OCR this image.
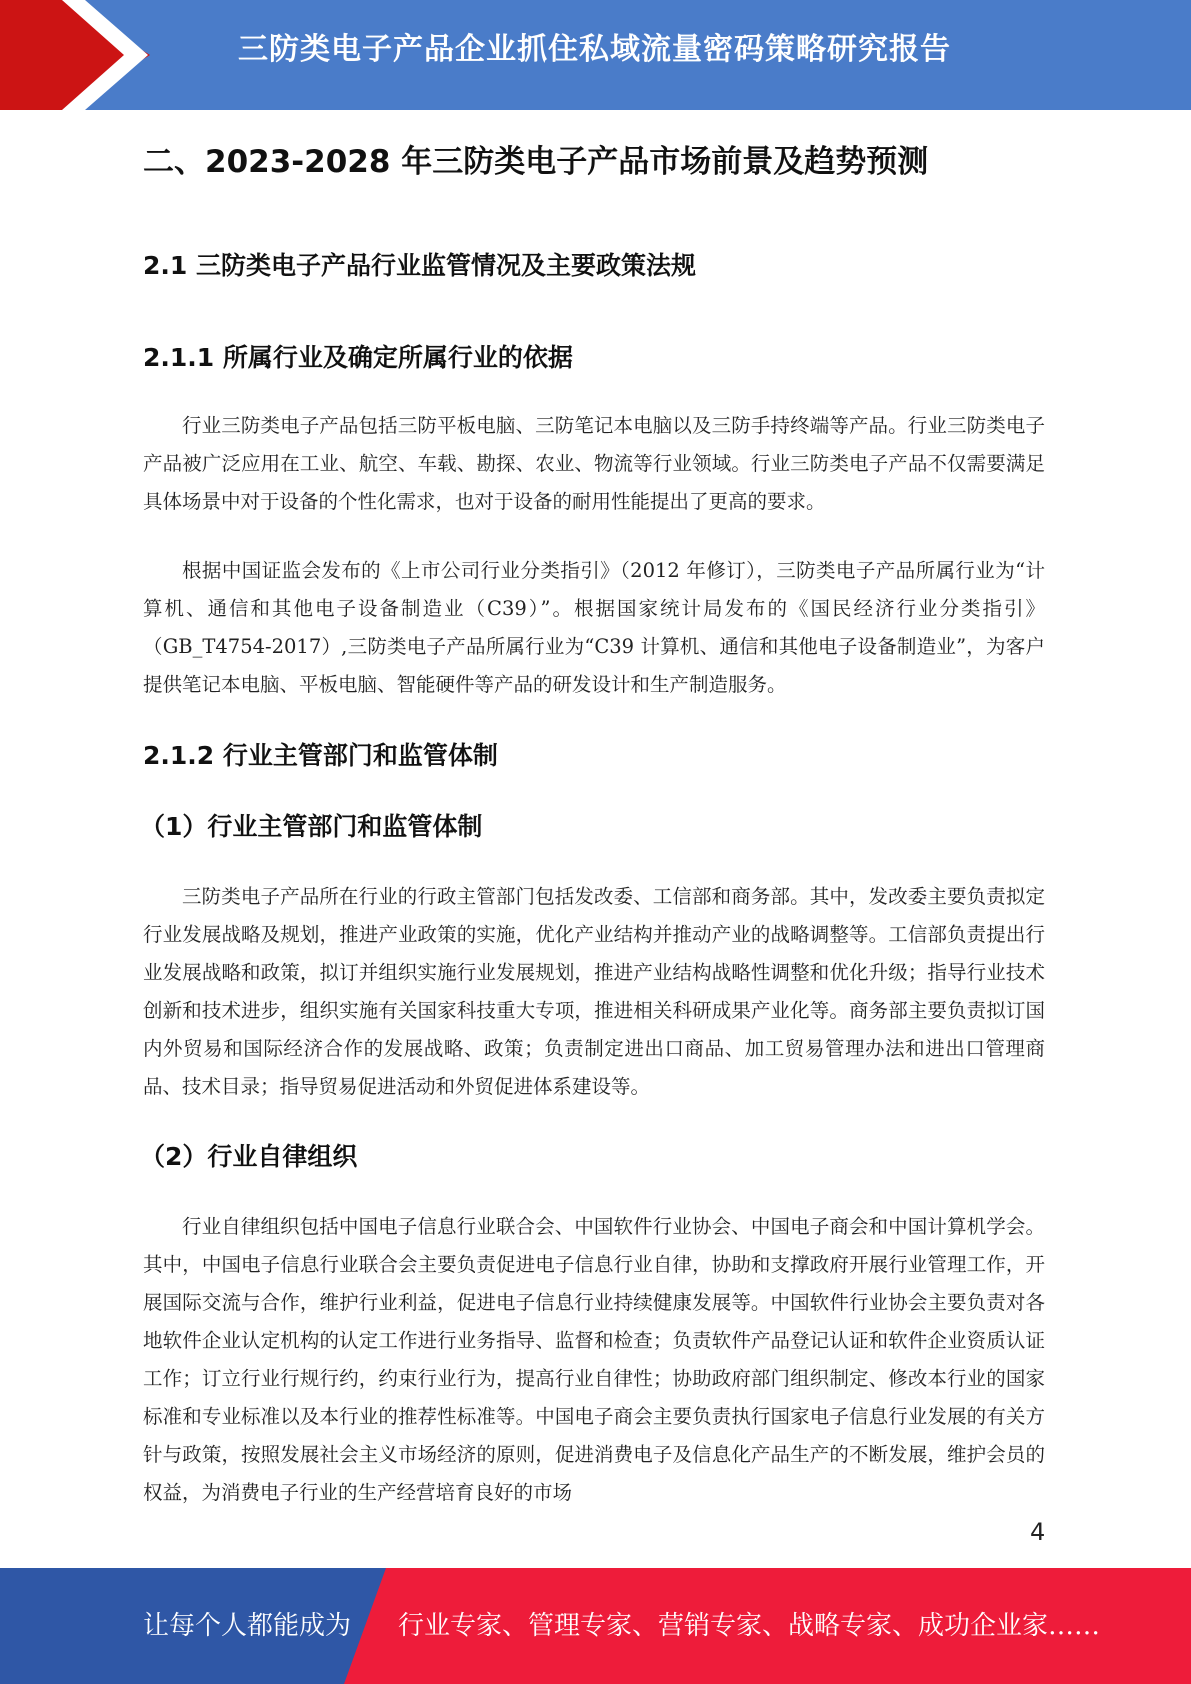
三防类电子产品企业抓住私域流量密码策略研究报告
二、2023-2028 年三防类电子产品市场前景及趋势预测
2.1 三防类电子产品行业监管情况及主要政策法规
2.1.1 所属行业及确定所属行业的依据

行业三防类电子产品包括三防平板电脑、三防笔记本电脑以及三防手持终端等产品。行业三防类电子产品被广泛应用在工业、航空、车载、勘探、农业、物流等行业领域。行业三防类电子产品不仅需要满足具体场景中对于设备的个性化需求，也对于设备的耐用性能提出了更高的要求。

根据中国证监会发布的《上市公司行业分类指引》（2012 年修订），三防类电子产品所属行业为“计算机、通信和其他电子设备制造业（C39）”。根据国家统计局发布的《国民经济行业分类指引》（GB_T4754-2017）,三防类电子产品所属行业为“C39 计算机、通信和其他电子设备制造业”，为客户提供笔记本电脑、平板电脑、智能硬件等产品的研发设计和生产制造服务。

2.1.2 行业主管部门和监管体制
（1）行业主管部门和监管体制

三防类电子产品所在行业的行政主管部门包括发改委、工信部和商务部。其中，发改委主要负责拟定行业发展战略及规划，推进产业政策的实施，优化产业结构并推动产业的战略调整等。工信部负责提出行业发展战略和政策，拟订并组织实施行业发展规划，推进产业结构战略性调整和优化升级；指导行业技术创新和技术进步，组织实施有关国家科技重大专项，推进相关科研成果产业化等。商务部主要负责拟订国内外贸易和国际经济合作的发展战略、政策；负责制定进出口商品、加工贸易管理办法和进出口管理商品、技术目录；指导贸易促进活动和外贸促进体系建设等。

（2）行业自律组织

行业自律组织包括中国电子信息行业联合会、中国软件行业协会、中国电子商会和中国计算机学会。其中，中国电子信息行业联合会主要负责促进电子信息行业自律，协助和支撑政府开展行业管理工作，开展国际交流与合作，维护行业利益，促进电子信息行业持续健康发展等。中国软件行业协会主要负责对各地软件企业认定机构的认定工作进行业务指导、监督和检查；负责软件产品登记认证和软件企业资质认证工作；订立行业行规行约，约束行业行为，提高行业自律性；协助政府部门组织制定、修改本行业的国家标准和专业标准以及本行业的推荐性标准等。中国电子商会主要负责执行国家电子信息行业发展的有关方针与政策，按照发展社会主义市场经济的原则，促进消费电子及信息化产品生产的不断发展，维护会员的权益，为消费电子行业的生产经营培育良好的市场

4
让每个人都能成为 行业专家、管理专家、营销专家、战略专家、成功企业家……
